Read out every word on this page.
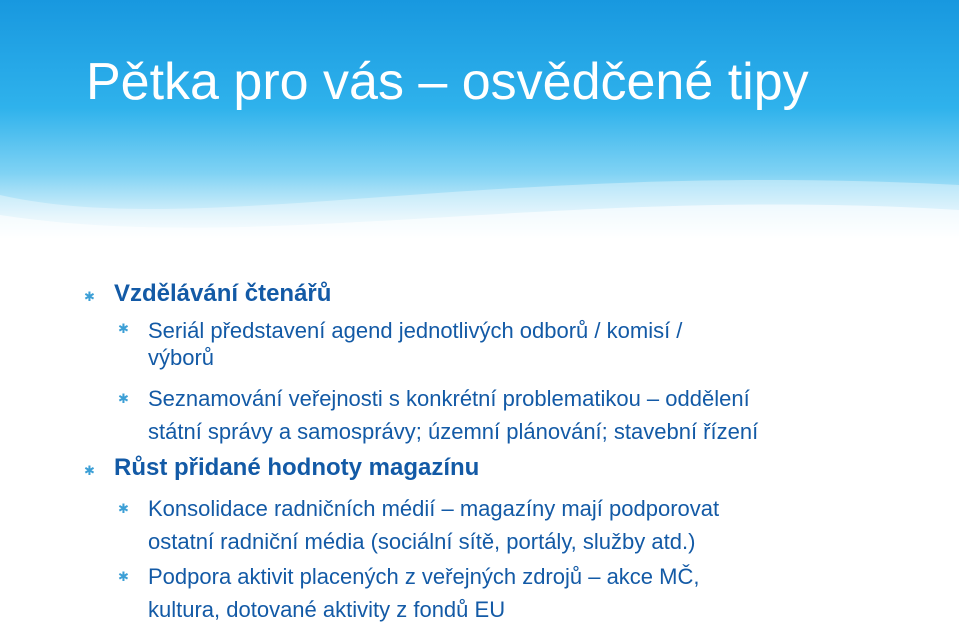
Pětka pro vás – osvědčené tipy
✱ Vzdělávání čtenářů
✱ Seriál představení agend jednotlivých odborů / komisí /
výborů
✱ Seznamování veřejnosti s konkrétní problematikou – oddělení
státní správy a samosprávy; územní plánování; stavební řízení
✱ Růst přidané hodnoty magazínu
✱ Konsolidace radničních médií – magazíny mají podporovat
ostatní radniční média (sociální sítě, portály, služby atd.)
✱ Podpora aktivit placených z veřejných zdrojů – akce MČ,
kultura, dotované aktivity z fondů EU
